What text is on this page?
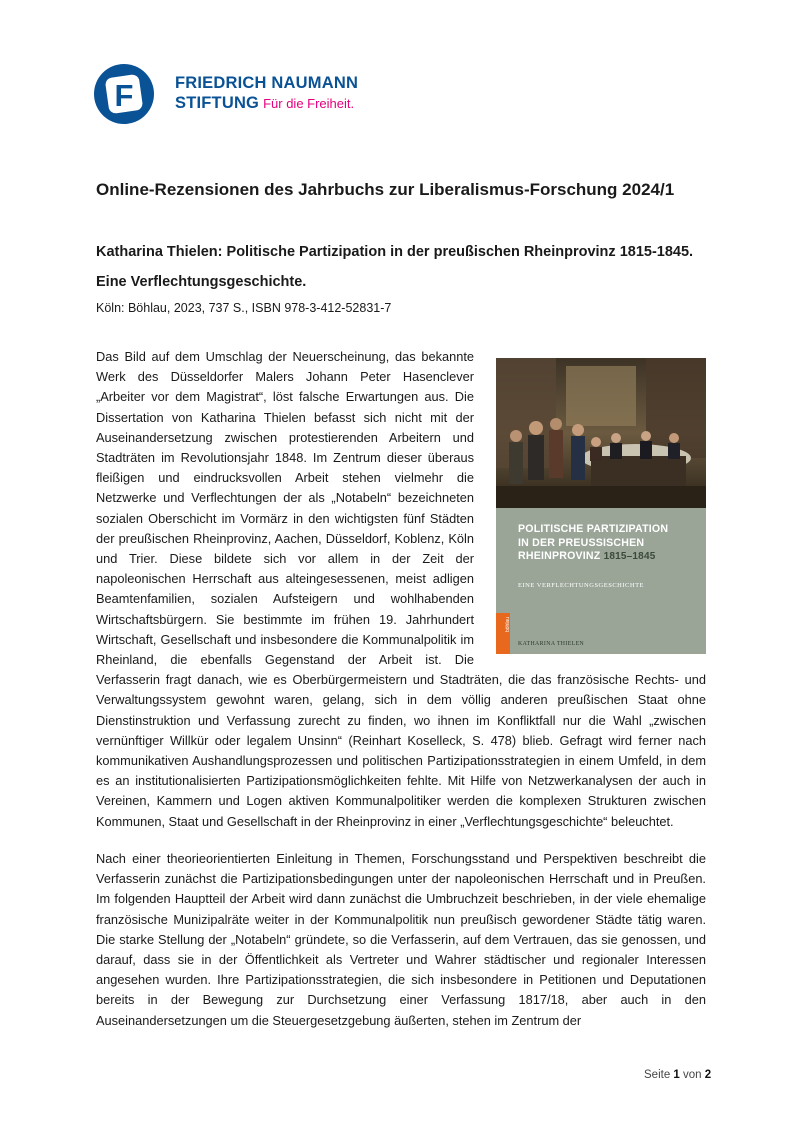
F	FRIEDRICH NAUMANN
STIFTUNG Für die Freiheit.
Online-Rezensionen des Jahrbuchs zur Liberalismus-Forschung 2024/1
Katharina Thielen: Politische Partizipation in der preußischen Rheinprovinz 1815-1845. Eine Verflechtungsgeschichte.
Köln: Böhlau, 2023, 737 S., ISBN 978-3-412-52831-7
POLITISCHE PARTIZIPATION
IN DER PREUSSISCHEN
RHEINPROVINZ 1815–1845
EINE VERFLECHTUNGSGESCHICHTE
KATHARINA THIELEN
böhlau
Das Bild auf dem Umschlag der Neuerscheinung, das bekannte Werk des Düsseldorfer Malers Johann Peter Hasenclever „Arbeiter vor dem Magistrat“, löst falsche Erwartungen aus. Die Dissertation von Katharina Thielen befasst sich nicht mit der Auseinandersetzung zwischen protestierenden Arbeitern und Stadträten im Revolutionsjahr 1848. Im Zentrum dieser überaus fleißigen und eindrucksvollen Arbeit stehen vielmehr die Netzwerke und Verflechtungen der als „Notabeln“ bezeichneten sozialen Oberschicht im Vormärz in den wichtigsten fünf Städten der preußischen Rheinprovinz, Aachen, Düsseldorf, Koblenz, Köln und Trier. Diese bildete sich vor allem in der Zeit der napoleonischen Herrschaft aus alteingesessenen, meist adligen Beamtenfamilien, sozialen Aufsteigern und wohlhabenden Wirtschaftsbürgern. Sie bestimmte im frühen 19. Jahrhundert Wirtschaft, Gesellschaft und insbesondere die Kommunalpolitik im Rheinland, die ebenfalls Gegenstand der Arbeit ist. Die Verfasserin fragt danach, wie es Oberbürgermeistern und Stadträten, die das französische Rechts- und Verwaltungssystem gewohnt waren, gelang, sich in dem völlig anderen preußischen Staat ohne Dienstinstruktion und Verfassung zurecht zu finden, wo ihnen im Konfliktfall nur die Wahl „zwischen vernünftiger Willkür oder legalem Unsinn“ (Reinhart Koselleck, S. 478) blieb. Gefragt wird ferner nach kommunikativen Aushandlungsprozessen und politischen Partizipationsstrategien in einem Umfeld, in dem es an institutionalisierten Partizipationsmöglichkeiten fehlte. Mit Hilfe von Netzwerkanalysen der auch in Vereinen, Kammern und Logen aktiven Kommunalpolitiker werden die komplexen Strukturen zwischen Kommunen, Staat und Gesellschaft in der Rheinprovinz in einer „Verflechtungsgeschichte“ beleuchtet.
Nach einer theorieorientierten Einleitung in Themen, Forschungsstand und Perspektiven beschreibt die Verfasserin zunächst die Partizipationsbedingungen unter der napoleonischen Herrschaft und in Preußen. Im folgenden Hauptteil der Arbeit wird dann zunächst die Umbruchzeit beschrieben, in der viele ehemalige französische Munizipalräte weiter in der Kommunalpolitik nun preußisch gewordener Städte tätig waren. Die starke Stellung der „Notabeln“ gründete, so die Verfasserin, auf dem Vertrauen, das sie genossen, und darauf, dass sie in der Öffentlichkeit als Vertreter und Wahrer städtischer und regionaler Interessen angesehen wurden. Ihre Partizipationsstrategien, die sich insbesondere in Petitionen und Deputationen bereits in der Bewegung zur Durchsetzung einer Verfassung 1817/18, aber auch in den Auseinandersetzungen um die Steuergesetzgebung äußerten, stehen im Zentrum der
Seite 1 von 2
